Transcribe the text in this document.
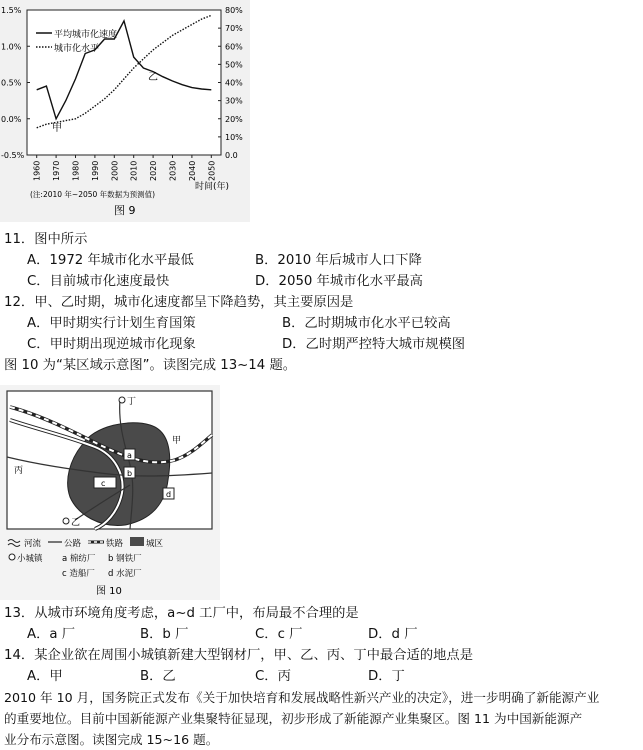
平均城市化速度
城市化水平
1.5%
1.0%
0.5%
0.0%
-0.5%
80%
70%
60%
50%
40%
30%
20%
10%
0.0
1960 1970 1980 1990 2000 2010 2020 2030 2040 2050
甲
乙
时间(年)
(注:2010 年~2050 年数据为预测值)
图 9
11．图中所示
A．1972 年城市化水平最低	B．2010 年后城市人口下降
C．目前城市化速度最快	D．2050 年城市化水平最高
12．甲、乙时期，城市化速度都呈下降趋势，其主要原因是
A．甲时期实行计划生育国策	B．乙时期城市化水平已较高
C．甲时期出现逆城市化现象	D．乙时期严控特大城市规模图
图 10 为“某区域示意图”。读图完成 13~14 题。
丁
甲
丙
乙
a
b
c
d
河流	公路	铁路	城区
小城镇 a 棉纺厂 b 钢铁厂
c 造船厂 d 水泥厂
图 10
13．从城市环境角度考虑，a~d 工厂中，布局最不合理的是
A．a 厂	B．b 厂	C．c 厂	D．d 厂
14．某企业欲在周围小城镇新建大型钢材厂，甲、乙、丙、丁中最合适的地点是
A．甲	B．乙	C．丙	D．丁
2010 年 10 月，国务院正式发布《关于加快培育和发展战略性新兴产业的决定》，进一步明确了新能源产业
的重要地位。目前中国新能源产业集聚特征显现，初步形成了新能源产业集聚区。图 11 为中国新能源产
业分布示意图。读图完成 15~16 题。
